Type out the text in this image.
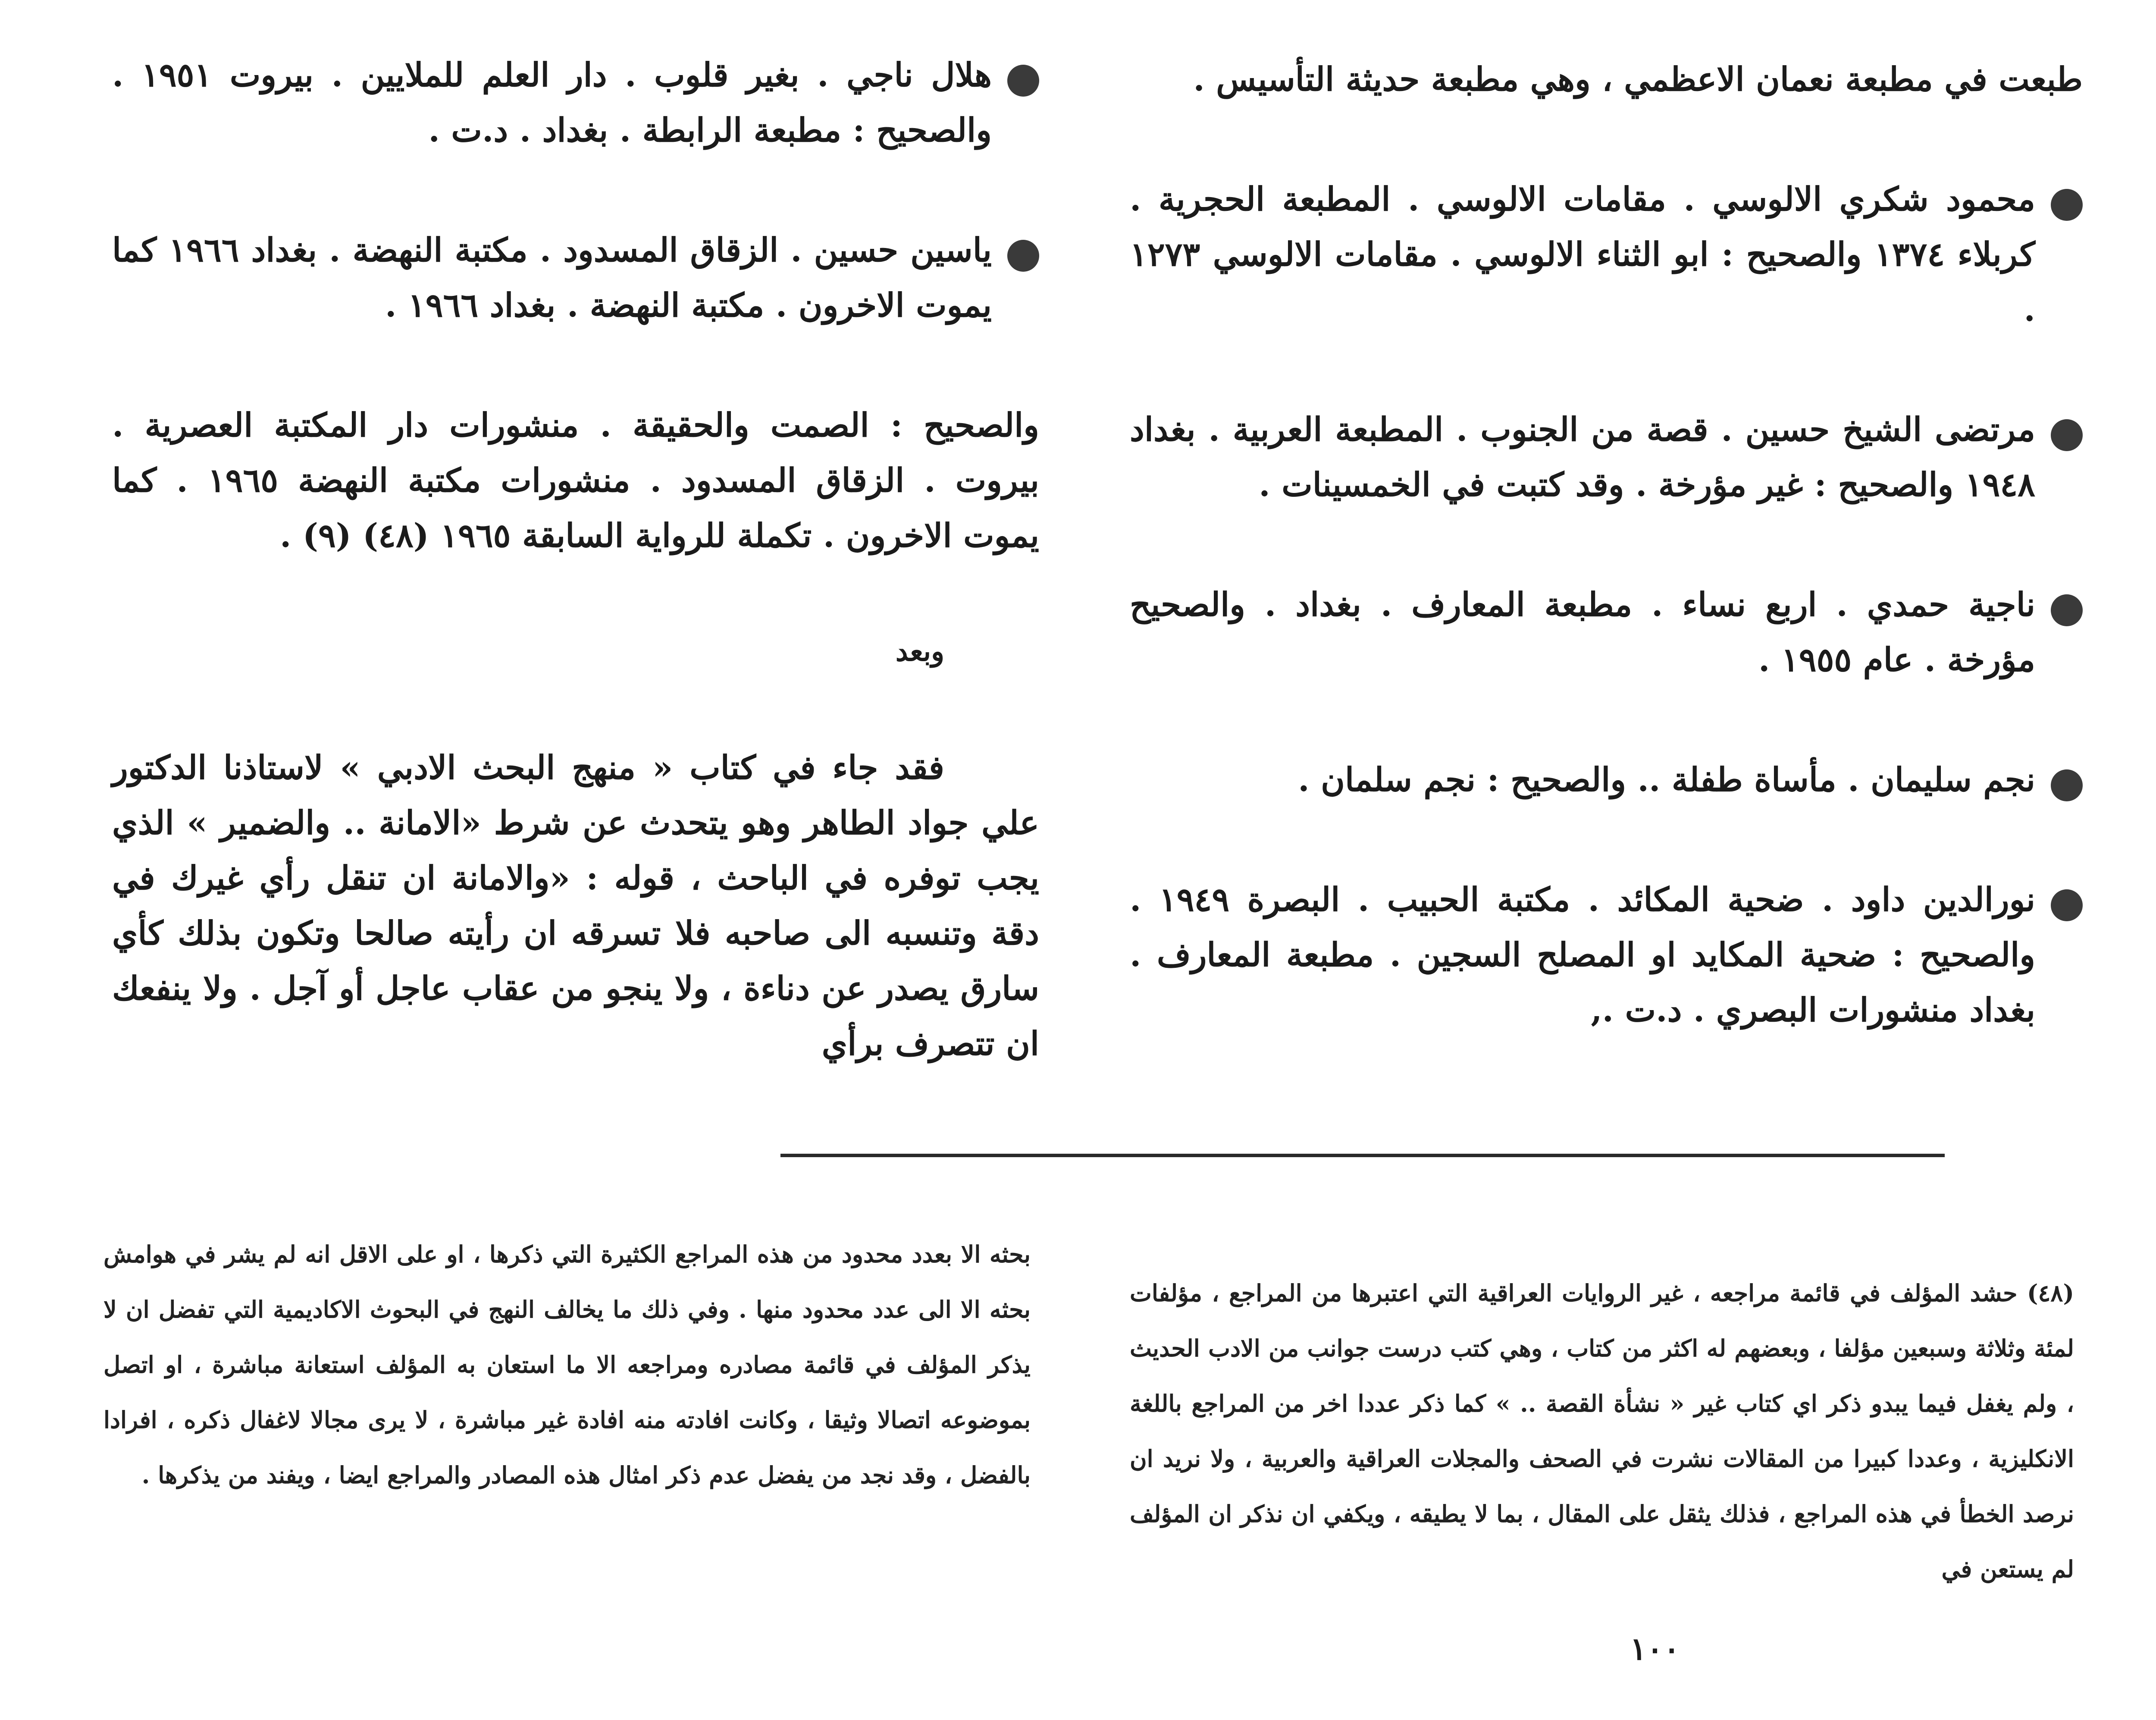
طبعت في مطبعة نعمان الاعظمي ، وهي مطبعة حديثة التأسيس .

محمود شكري الالوسي . مقامات الالوسي . المطبعة الحجرية . كربلاء ١٣٧٤ والصحيح : ابو الثناء الالوسي . مقامات الالوسي ١٢٧٣ .

مرتضى الشيخ حسين . قصة من الجنوب . المطبعة العربية . بغداد ١٩٤٨ والصحيح : غير مؤرخة . وقد كتبت في الخمسينات .

ناجية حمدي . اربع نساء . مطبعة المعارف . بغداد . والصحيح مؤرخة . عام ١٩٥٥ .

نجم سليمان . مأساة طفلة .. والصحيح : نجم سلمان .

نورالدين داود . ضحية المكائد . مكتبة الحبيب . البصرة ١٩٤٩ . والصحيح : ضحية المكايد او المصلح السجين . مطبعة المعارف . بغداد منشورات البصري . د.ت .,

هلال ناجي . بغير قلوب . دار العلم للملايين . بيروت ١٩٥١ . والصحيح : مطبعة الرابطة . بغداد . د.ت .

ياسين حسين . الزقاق المسدود . مكتبة النهضة . بغداد ١٩٦٦ كما يموت الاخرون . مكتبة النهضة . بغداد ١٩٦٦ .

والصحيح : الصمت والحقيقة . منشورات دار المكتبة العصرية . بيروت . الزقاق المسدود . منشورات مكتبة النهضة ١٩٦٥ . كما يموت الاخرون . تكملة للرواية السابقة ١٩٦٥ (٤٨) (٩) .

وبعد

فقد جاء في كتاب « منهج البحث الادبي » لاستاذنا الدكتور علي جواد الطاهر وهو يتحدث عن شرط «الامانة .. والضمير » الذي يجب توفره في الباحث ، قوله : «والامانة ان تنقل رأي غيرك في دقة وتنسبه الى صاحبه فلا تسرقه ان رأيته صالحا وتكون بذلك كأي سارق يصدر عن دناءة ، ولا ينجو من عقاب عاجل أو آجل . ولا ينفعك ان تتصرف برأي

(٤٨) حشد المؤلف في قائمة مراجعه ، غير الروايات العراقية التي اعتبرها من المراجع ، مؤلفات لمئة وثلاثة وسبعين مؤلفا ، وبعضهم له اكثر من كتاب ، وهي كتب درست جوانب من الادب الحديث ، ولم يغفل فيما يبدو ذكر اي كتاب غير « نشأة القصة .. » كما ذكر عددا اخر من المراجع باللغة الانكليزية ، وعددا كبيرا من المقالات نشرت في الصحف والمجلات العراقية والعربية ، ولا نريد ان نرصد الخطأ في هذه المراجع ، فذلك يثقل على المقال ، بما لا يطيقه ، ويكفي ان نذكر ان المؤلف لم يستعن في

بحثه الا بعدد محدود من هذه المراجع الكثيرة التي ذكرها ، او على الاقل انه لم يشر في هوامش بحثه الا الى عدد محدود منها . وفي ذلك ما يخالف النهج في البحوث الاكاديمية التي تفضل ان لا يذكر المؤلف في قائمة مصادره ومراجعه الا ما استعان به المؤلف استعانة مباشرة ، او اتصل بموضوعه اتصالا وثيقا ، وكانت افادته منه افادة غير مباشرة ، لا يرى مجالا لاغفال ذكره ، افرادا بالفضل ، وقد نجد من يفضل عدم ذكر امثال هذه المصادر والمراجع ايضا ، ويفند من يذكرها .

١٠٠
